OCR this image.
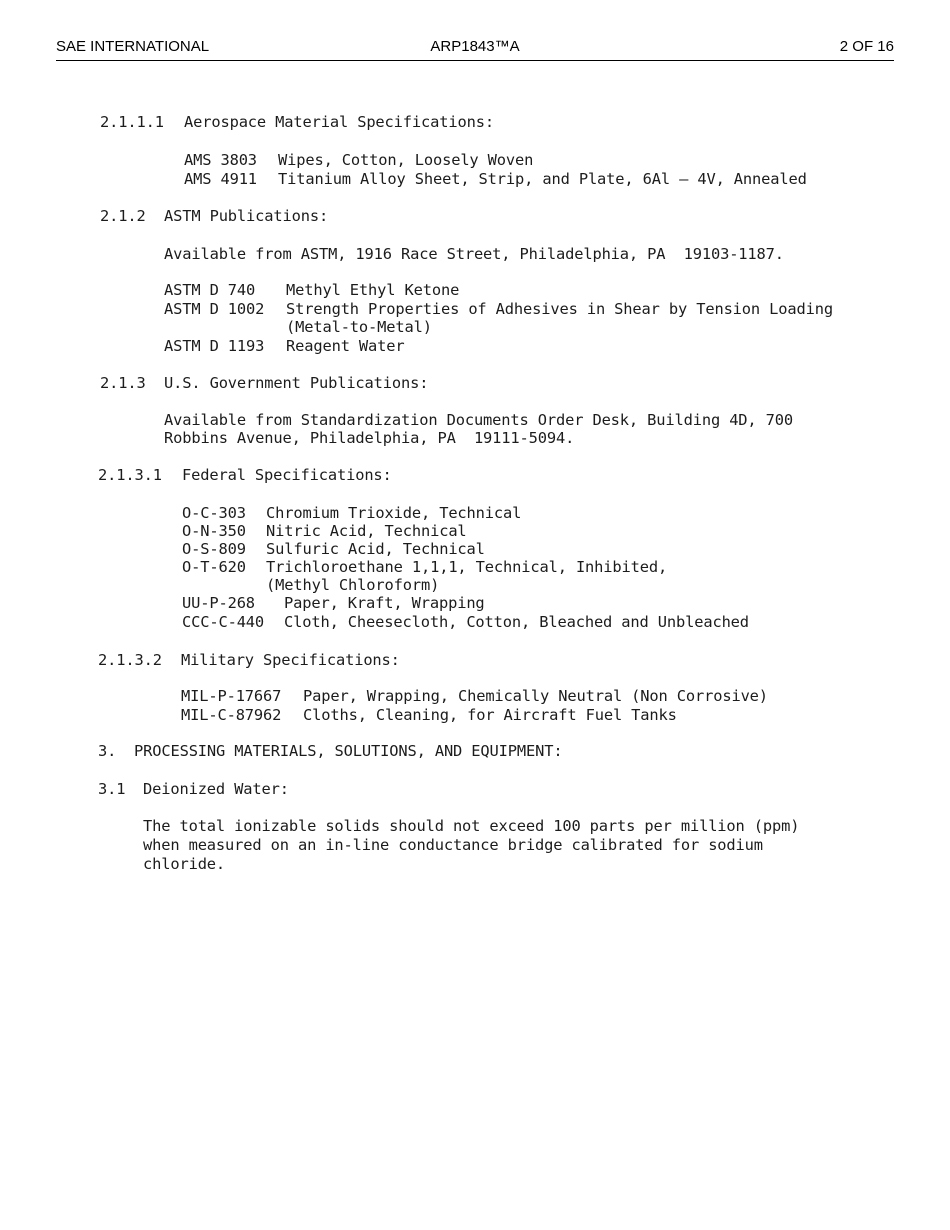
SAE INTERNATIONAL	ARP1843™A	2 OF 16
2.1.1.1 Aerospace Material Specifications:
AMS 3803 Wipes, Cotton, Loosely Woven
AMS 4911 Titanium Alloy Sheet, Strip, and Plate, 6Al – 4V, Annealed
2.1.2 ASTM Publications:
Available from ASTM, 1916 Race Street, Philadelphia, PA  19103-1187.
ASTM D 740 Methyl Ethyl Ketone
ASTM D 1002 Strength Properties of Adhesives in Shear by Tension Loading
(Metal-to-Metal)
ASTM D 1193 Reagent Water
2.1.3 U.S. Government Publications:
Available from Standardization Documents Order Desk, Building 4D, 700
Robbins Avenue, Philadelphia, PA  19111-5094.
2.1.3.1 Federal Specifications:
O-C-303 Chromium Trioxide, Technical
O-N-350 Nitric Acid, Technical
O-S-809 Sulfuric Acid, Technical
O-T-620 Trichloroethane 1,1,1, Technical, Inhibited,
(Methyl Chloroform)
UU-P-268 Paper, Kraft, Wrapping
CCC-C-440 Cloth, Cheesecloth, Cotton, Bleached and Unbleached
2.1.3.2 Military Specifications:
MIL-P-17667 Paper, Wrapping, Chemically Neutral (Non Corrosive)
MIL-C-87962 Cloths, Cleaning, for Aircraft Fuel Tanks
3. PROCESSING MATERIALS, SOLUTIONS, AND EQUIPMENT:
3.1 Deionized Water:
The total ionizable solids should not exceed 100 parts per million (ppm)
when measured on an in-line conductance bridge calibrated for sodium
chloride.
